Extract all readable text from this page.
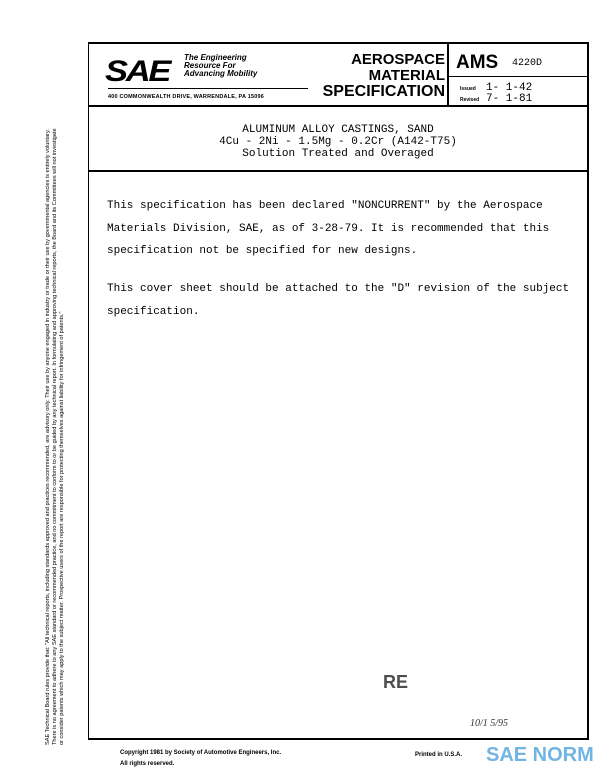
SAE The Engineering
Resource For
Advancing Mobility
400 COMMONWEALTH DRIVE, WARRENDALE, PA 15096
AEROSPACE
MATERIAL
SPECIFICATION
AMS 4220D
Issued 1- 1-42
Revised 7- 1-81
ALUMINUM ALLOY CASTINGS, SAND
4Cu - 2Ni - 1.5Mg - 0.2Cr (A142-T75)
Solution Treated and Overaged
This specification has been declared "NONCURRENT" by the Aerospace Materials Division, SAE, as of 3-28-79. It is recommended that this specification not be specified for new designs.
This cover sheet should be attached to the "D" revision of the subject specification.
SAE Technical Board rules provide that: "All technical reports, including standards approved and practices recommended, are advisory only. Their use by anyone engaged in industry or trade or their use by governmental agencies is entirely voluntary. There is no agreement to adhere to any SAE standard or recommended practice, and no commitment to conform to or be guided by any technical report. In formulating and approving technical reports, the Board and its Committees will not investigate or consider patents which may apply to the subject matter. Prospective users of the report are responsible for protecting themselves against liability for infringement of patents."	RE
10/1 5/95
Copyright 1981 by Society of Automotive Engineers, Inc.
All rights reserved.
Printed in U.S.A. SAE NORM
